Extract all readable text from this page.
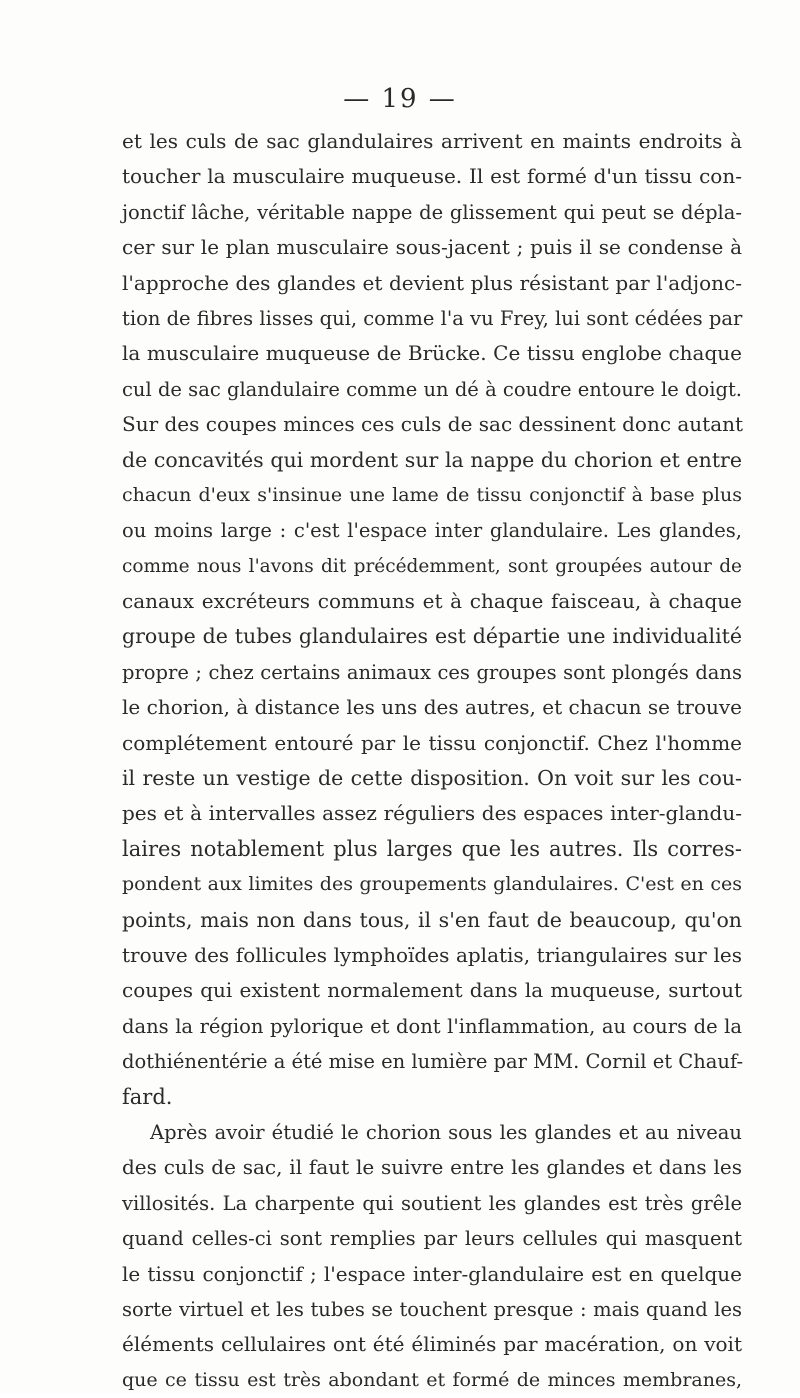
— 19 —
et les culs de sac glandulaires arrivent en maints endroits à
toucher la musculaire muqueuse. Il est formé d'un tissu con-
jonctif lâche, véritable nappe de glissement qui peut se dépla-
cer sur le plan musculaire sous-jacent ; puis il se condense à
l'approche des glandes et devient plus résistant par l'adjonc-
tion de fibres lisses qui, comme l'a vu Frey, lui sont cédées par
la musculaire muqueuse de Brücke. Ce tissu englobe chaque
cul de sac glandulaire comme un dé à coudre entoure le doigt.
Sur des coupes minces ces culs de sac dessinent donc autant
de concavités qui mordent sur la nappe du chorion et entre
chacun d'eux s'insinue une lame de tissu conjonctif à base plus
ou moins large : c'est l'espace inter glandulaire. Les glandes,
comme nous l'avons dit précédemment, sont groupées autour de
canaux excréteurs communs et à chaque faisceau, à chaque
groupe de tubes glandulaires est départie une individualité
propre ; chez certains animaux ces groupes sont plongés dans
le chorion, à distance les uns des autres, et chacun se trouve
complétement entouré par le tissu conjonctif. Chez l'homme
il reste un vestige de cette disposition. On voit sur les cou-
pes et à intervalles assez réguliers des espaces inter-glandu-
laires notablement plus larges que les autres. Ils corres-
pondent aux limites des groupements glandulaires. C'est en ces
points, mais non dans tous, il s'en faut de beaucoup, qu'on
trouve des follicules lymphoïdes aplatis, triangulaires sur les
coupes qui existent normalement dans la muqueuse, surtout
dans la région pylorique et dont l'inflammation, au cours de la
dothiénentérie a été mise en lumière par MM. Cornil et Chauf-
fard.
Après avoir étudié le chorion sous les glandes et au niveau
des culs de sac, il faut le suivre entre les glandes et dans les
villosités. La charpente qui soutient les glandes est très grêle
quand celles-ci sont remplies par leurs cellules qui masquent
le tissu conjonctif ; l'espace inter-glandulaire est en quelque
sorte virtuel et les tubes se touchent presque : mais quand les
éléments cellulaires ont été éliminés par macération, on voit
que ce tissu est très abondant et formé de minces membranes,
